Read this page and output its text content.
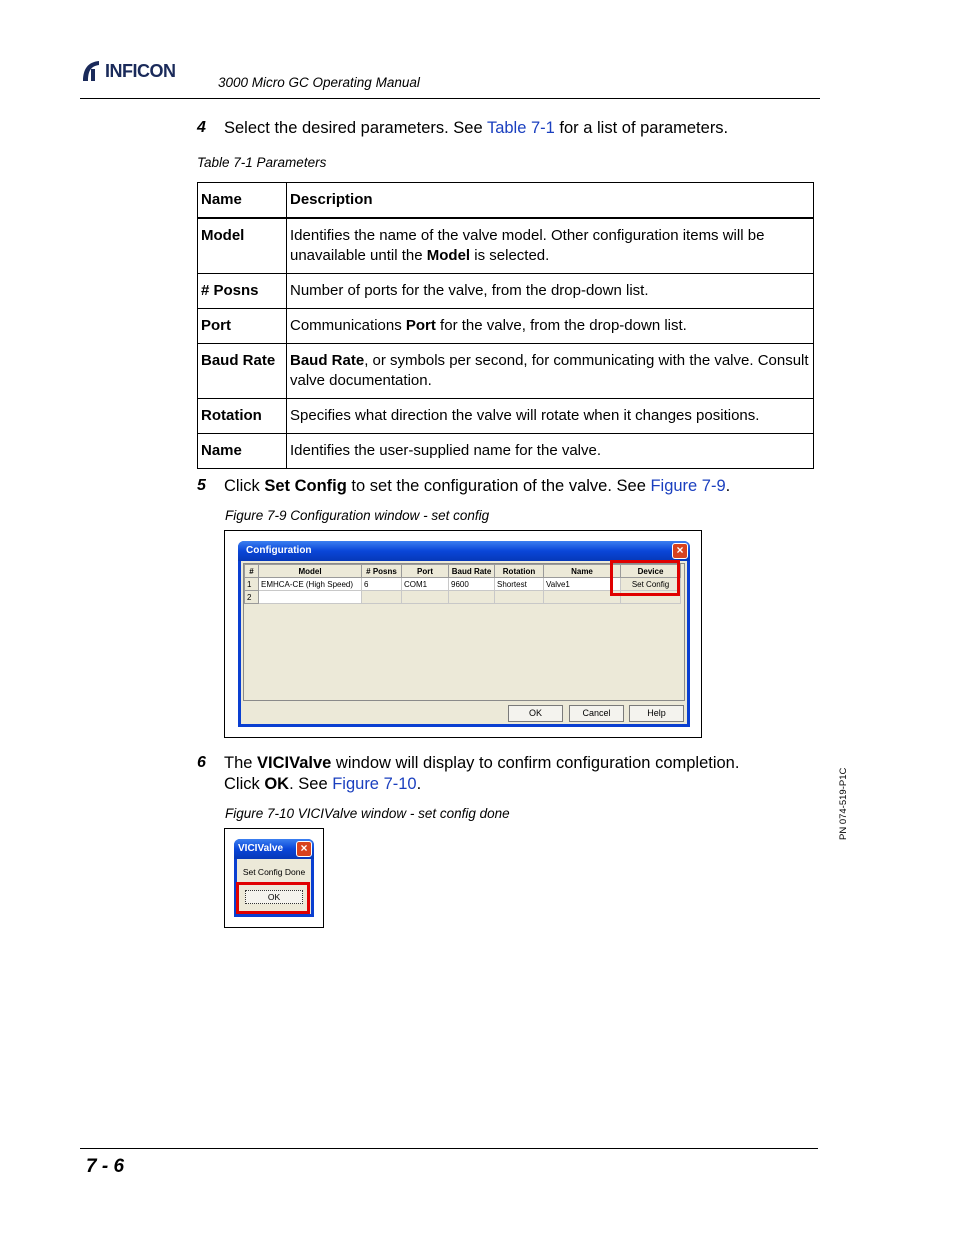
INFICON
3000 Micro GC Operating Manual
4 Select the desired parameters. See Table 7-1 for a list of parameters.
Table 7-1 Parameters
Name	Description
Model	Identifies the name of the valve model. Other configuration items will be unavailable until the Model is selected.
# Posns	Number of ports for the valve, from the drop-down list.
Port	Communications Port for the valve, from the drop-down list.
Baud Rate	Baud Rate, or symbols per second, for communicating with the valve. Consult valve documentation.
Rotation	Specifies what direction the valve will rotate when it changes positions.
Name	Identifies the user-supplied name for the valve.
5 Click Set Config to set the configuration of the valve. See Figure 7-9.
Figure 7-9 Configuration window - set config
Configuration	×
#	Model	# Posns	Port	Baud Rate	Rotation	Name	Device
1	EMHCA-CE (High Speed)	6	COM1	9600	Shortest	Valve1	Set Config
2							
OK	Cancel	Help
6 The VICIValve window will display to confirm configuration completion.
Click OK. See Figure 7-10.
Figure 7-10 VICIValve window - set config done
VICIValve	×
Set Config Done
OK
PN 074-519-P1C
7 - 6
